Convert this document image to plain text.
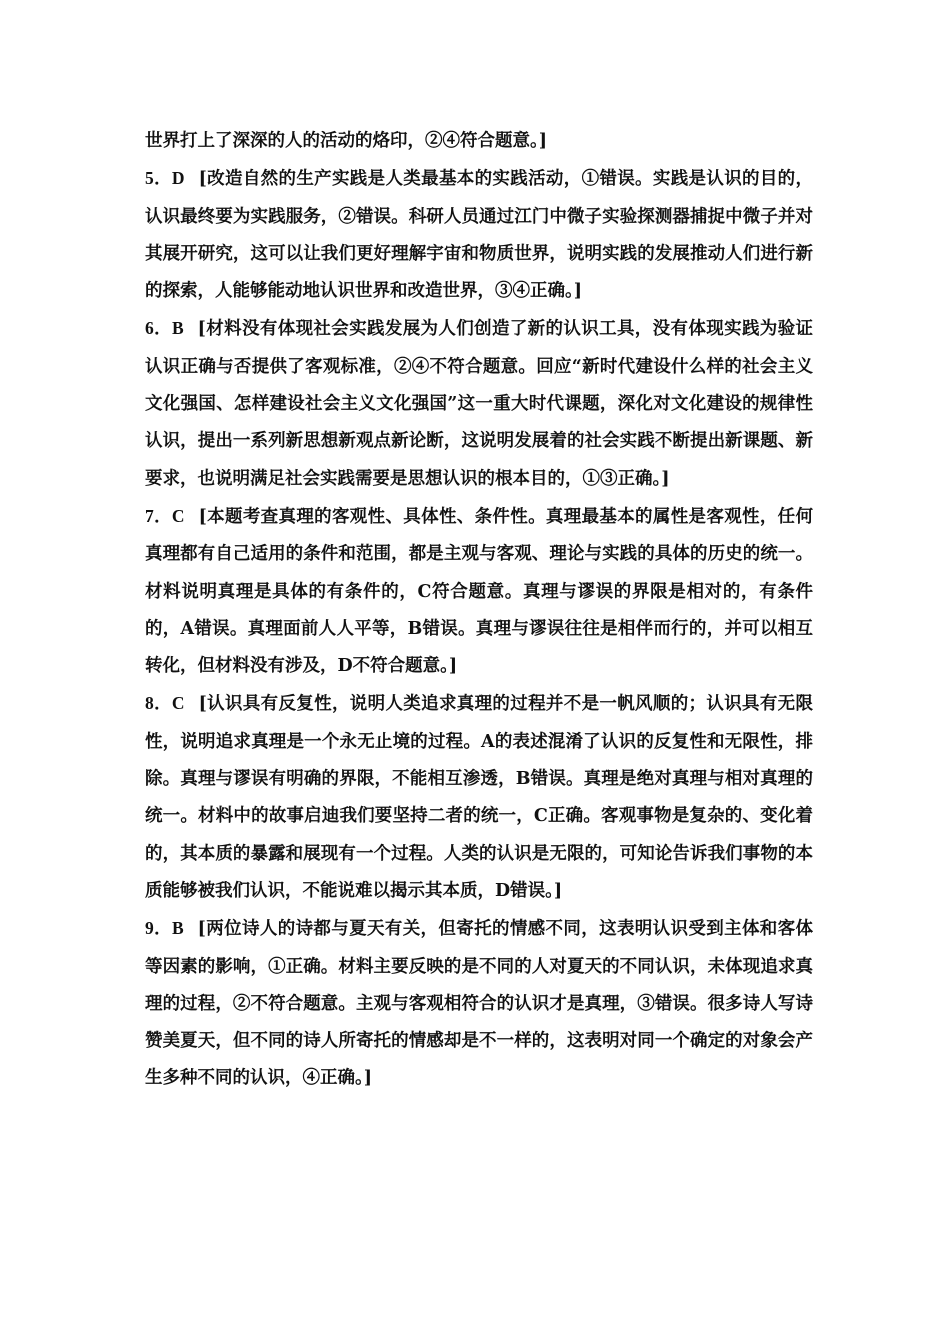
世界打上了深深的人的活动的烙印，②④符合题意。]

5．D [改造自然的生产实践是人类最基本的实践活动，①错误。实践是认识的目的，认识最终要为实践服务，②错误。科研人员通过江门中微子实验探测器捕捉中微子并对其展开研究，这可以让我们更好理解宇宙和物质世界，说明实践的发展推动人们进行新的探索，人能够能动地认识世界和改造世界，③④正确。]

6．B [材料没有体现社会实践发展为人们创造了新的认识工具，没有体现实践为验证认识正确与否提供了客观标准，②④不符合题意。回应“新时代建设什么样的社会主义文化强国、怎样建设社会主义文化强国”这一重大时代课题，深化对文化建设的规律性认识，提出一系列新思想新观点新论断，这说明发展着的社会实践不断提出新课题、新要求，也说明满足社会实践需要是思想认识的根本目的，①③正确。]

7．C [本题考查真理的客观性、具体性、条件性。真理最基本的属性是客观性，任何真理都有自己适用的条件和范围，都是主观与客观、理论与实践的具体的历史的统一。材料说明真理是具体的有条件的，C符合题意。真理与谬误的界限是相对的，有条件的，A错误。真理面前人人平等，B错误。真理与谬误往往是相伴而行的，并可以相互转化，但材料没有涉及，D不符合题意。]

8．C [认识具有反复性，说明人类追求真理的过程并不是一帆风顺的；认识具有无限性，说明追求真理是一个永无止境的过程。A的表述混淆了认识的反复性和无限性，排除。真理与谬误有明确的界限，不能相互渗透，B错误。真理是绝对真理与相对真理的统一。材料中的故事启迪我们要坚持二者的统一，C正确。客观事物是复杂的、变化着的，其本质的暴露和展现有一个过程。人类的认识是无限的，可知论告诉我们事物的本质能够被我们认识，不能说难以揭示其本质，D错误。]

9．B [两位诗人的诗都与夏天有关，但寄托的情感不同，这表明认识受到主体和客体等因素的影响，①正确。材料主要反映的是不同的人对夏天的不同认识，未体现追求真理的过程，②不符合题意。主观与客观相符合的认识才是真理，③错误。很多诗人写诗赞美夏天，但不同的诗人所寄托的情感却是不一样的，这表明对同一个确定的对象会产生多种不同的认识，④正确。]
